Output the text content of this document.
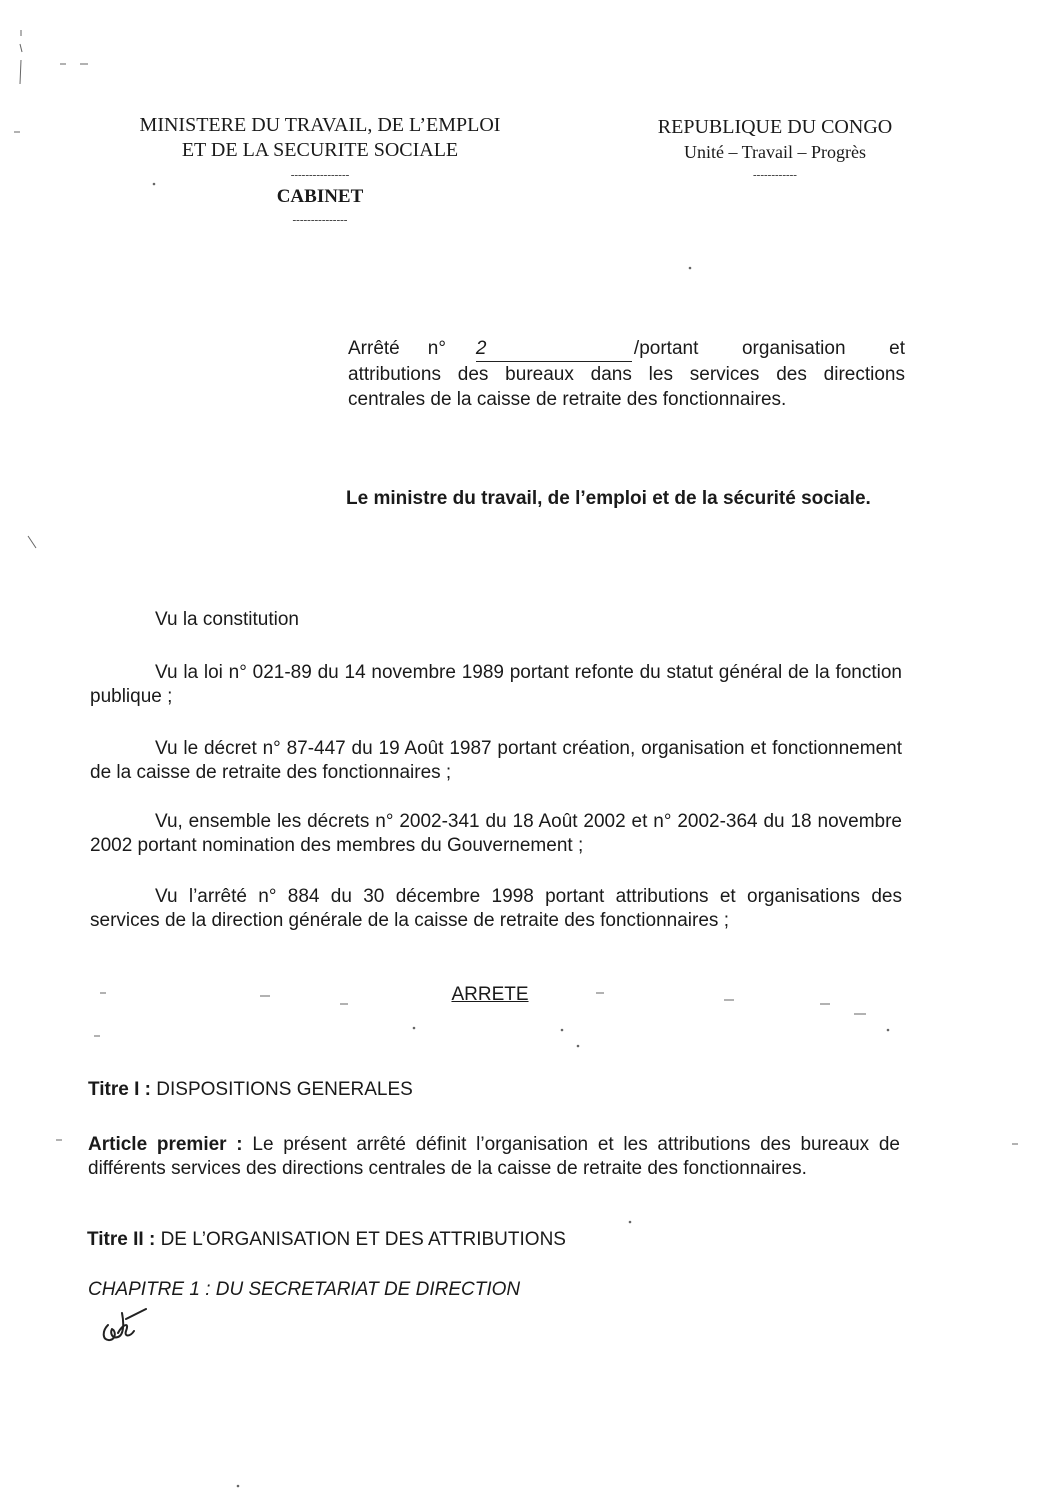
MINISTERE DU TRAVAIL, DE L’EMPLOI
ET DE LA SECURITE SOCIALE
----------------
CABINET
---------------
REPUBLIQUE DU CONGO
Unité – Travail – Progrès
------------
Arrêté n° 2	/portant organisation et
attributions des bureaux dans les services des directions centrales de la caisse de retraite des fonctionnaires.
Le ministre du travail, de l’emploi et de la sécurité sociale.
Vu la constitution
Vu la loi n° 021-89 du 14 novembre 1989 portant refonte du statut général de la fonction publique ;
Vu le décret n° 87-447 du 19 Août 1987 portant création, organisation et fonctionnement de la caisse de retraite des fonctionnaires ;
Vu, ensemble les décrets n° 2002-341 du 18 Août 2002 et n° 2002-364 du 18 novembre 2002 portant nomination des membres du Gouvernement ;
Vu l’arrêté n° 884 du 30 décembre 1998 portant attributions et organisations des services de la direction générale de la caisse de retraite des fonctionnaires ;
ARRETE
Titre I : DISPOSITIONS GENERALES
Article premier : Le présent arrêté définit l’organisation et les attributions des bureaux de différents services des directions centrales de la caisse de retraite des fonctionnaires.
Titre II : DE L’ORGANISATION ET DES ATTRIBUTIONS
CHAPITRE 1 : DU SECRETARIAT DE DIRECTION
